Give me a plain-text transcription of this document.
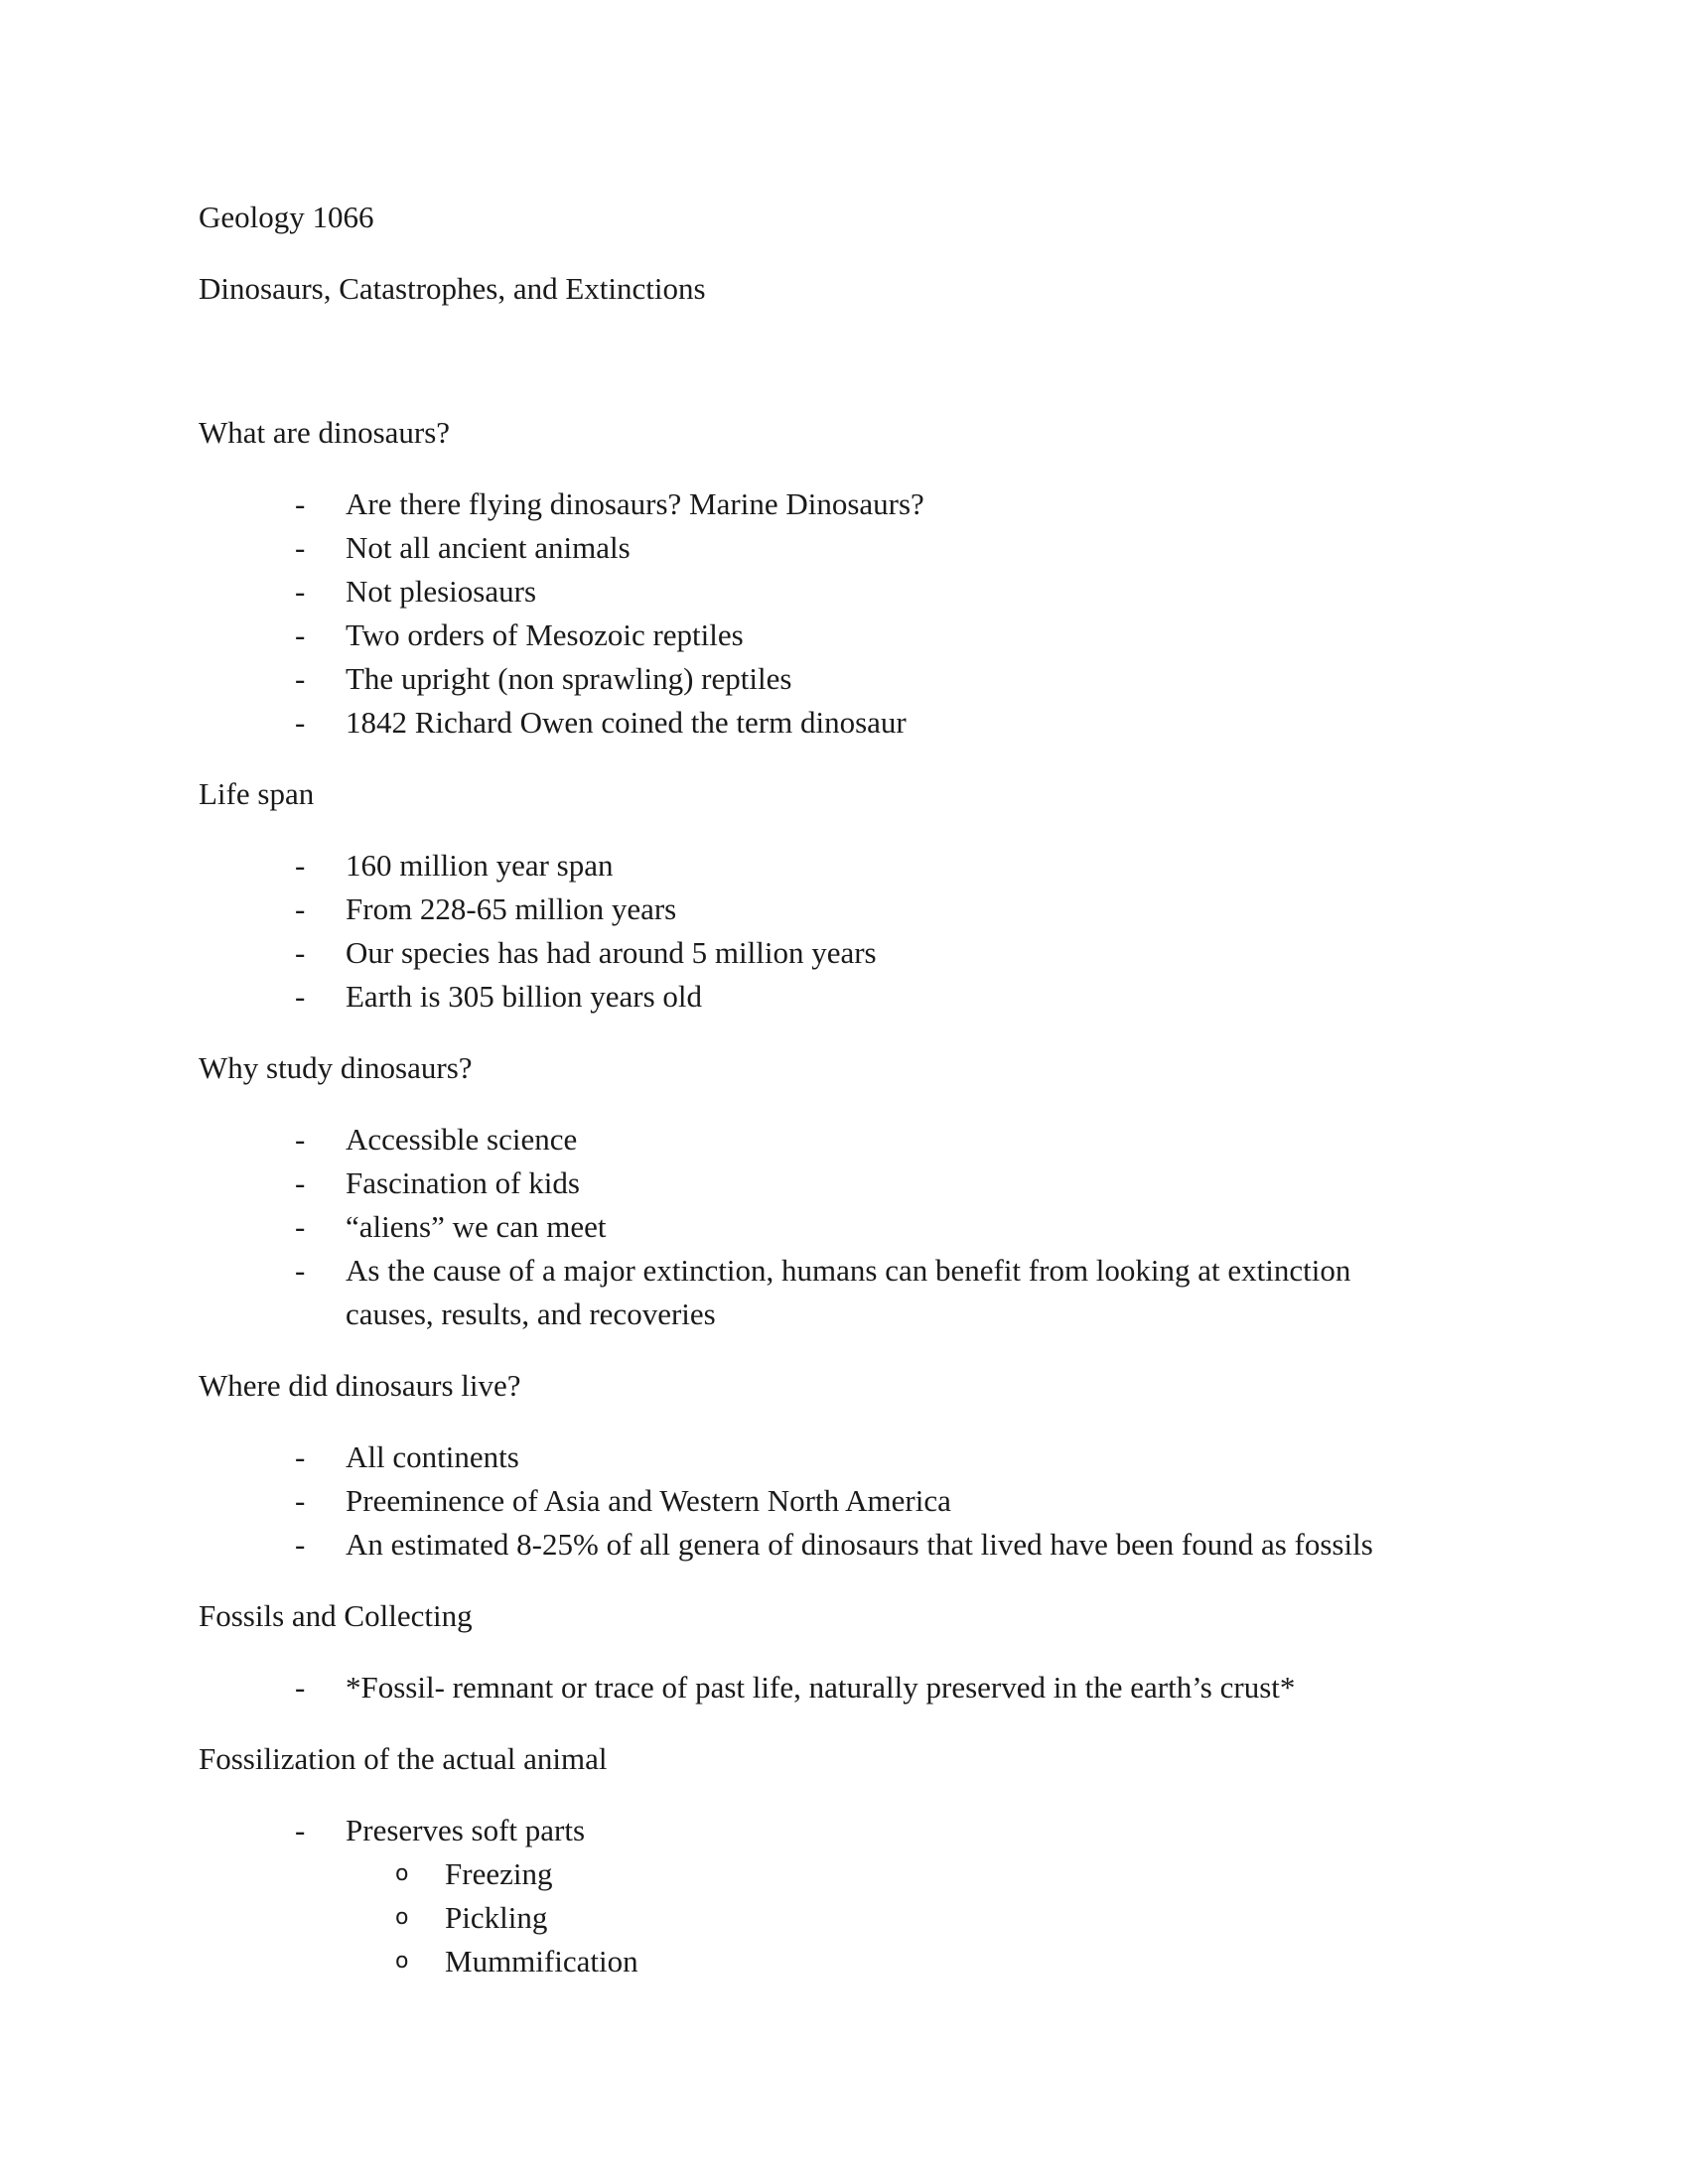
Geology 1066

Dinosaurs, Catastrophes, and Extinctions

What are dinosaurs?

- Are there flying dinosaurs? Marine Dinosaurs?
- Not all ancient animals
- Not plesiosaurs
- Two orders of Mesozoic reptiles
- The upright (non sprawling) reptiles
- 1842 Richard Owen coined the term dinosaur

Life span

- 160 million year span
- From 228-65 million years
- Our species has had around 5 million years
- Earth is 305 billion years old

Why study dinosaurs?

- Accessible science
- Fascination of kids
- “aliens” we can meet
- As the cause of a major extinction, humans can benefit from looking at extinction causes, results, and recoveries

Where did dinosaurs live?

- All continents
- Preeminence of Asia and Western North America
- An estimated 8-25% of all genera of dinosaurs that lived have been found as fossils

Fossils and Collecting

- *Fossil- remnant or trace of past life, naturally preserved in the earth’s crust*

Fossilization of the actual animal

- Preserves soft parts
o Freezing
o Pickling
o Mummification
